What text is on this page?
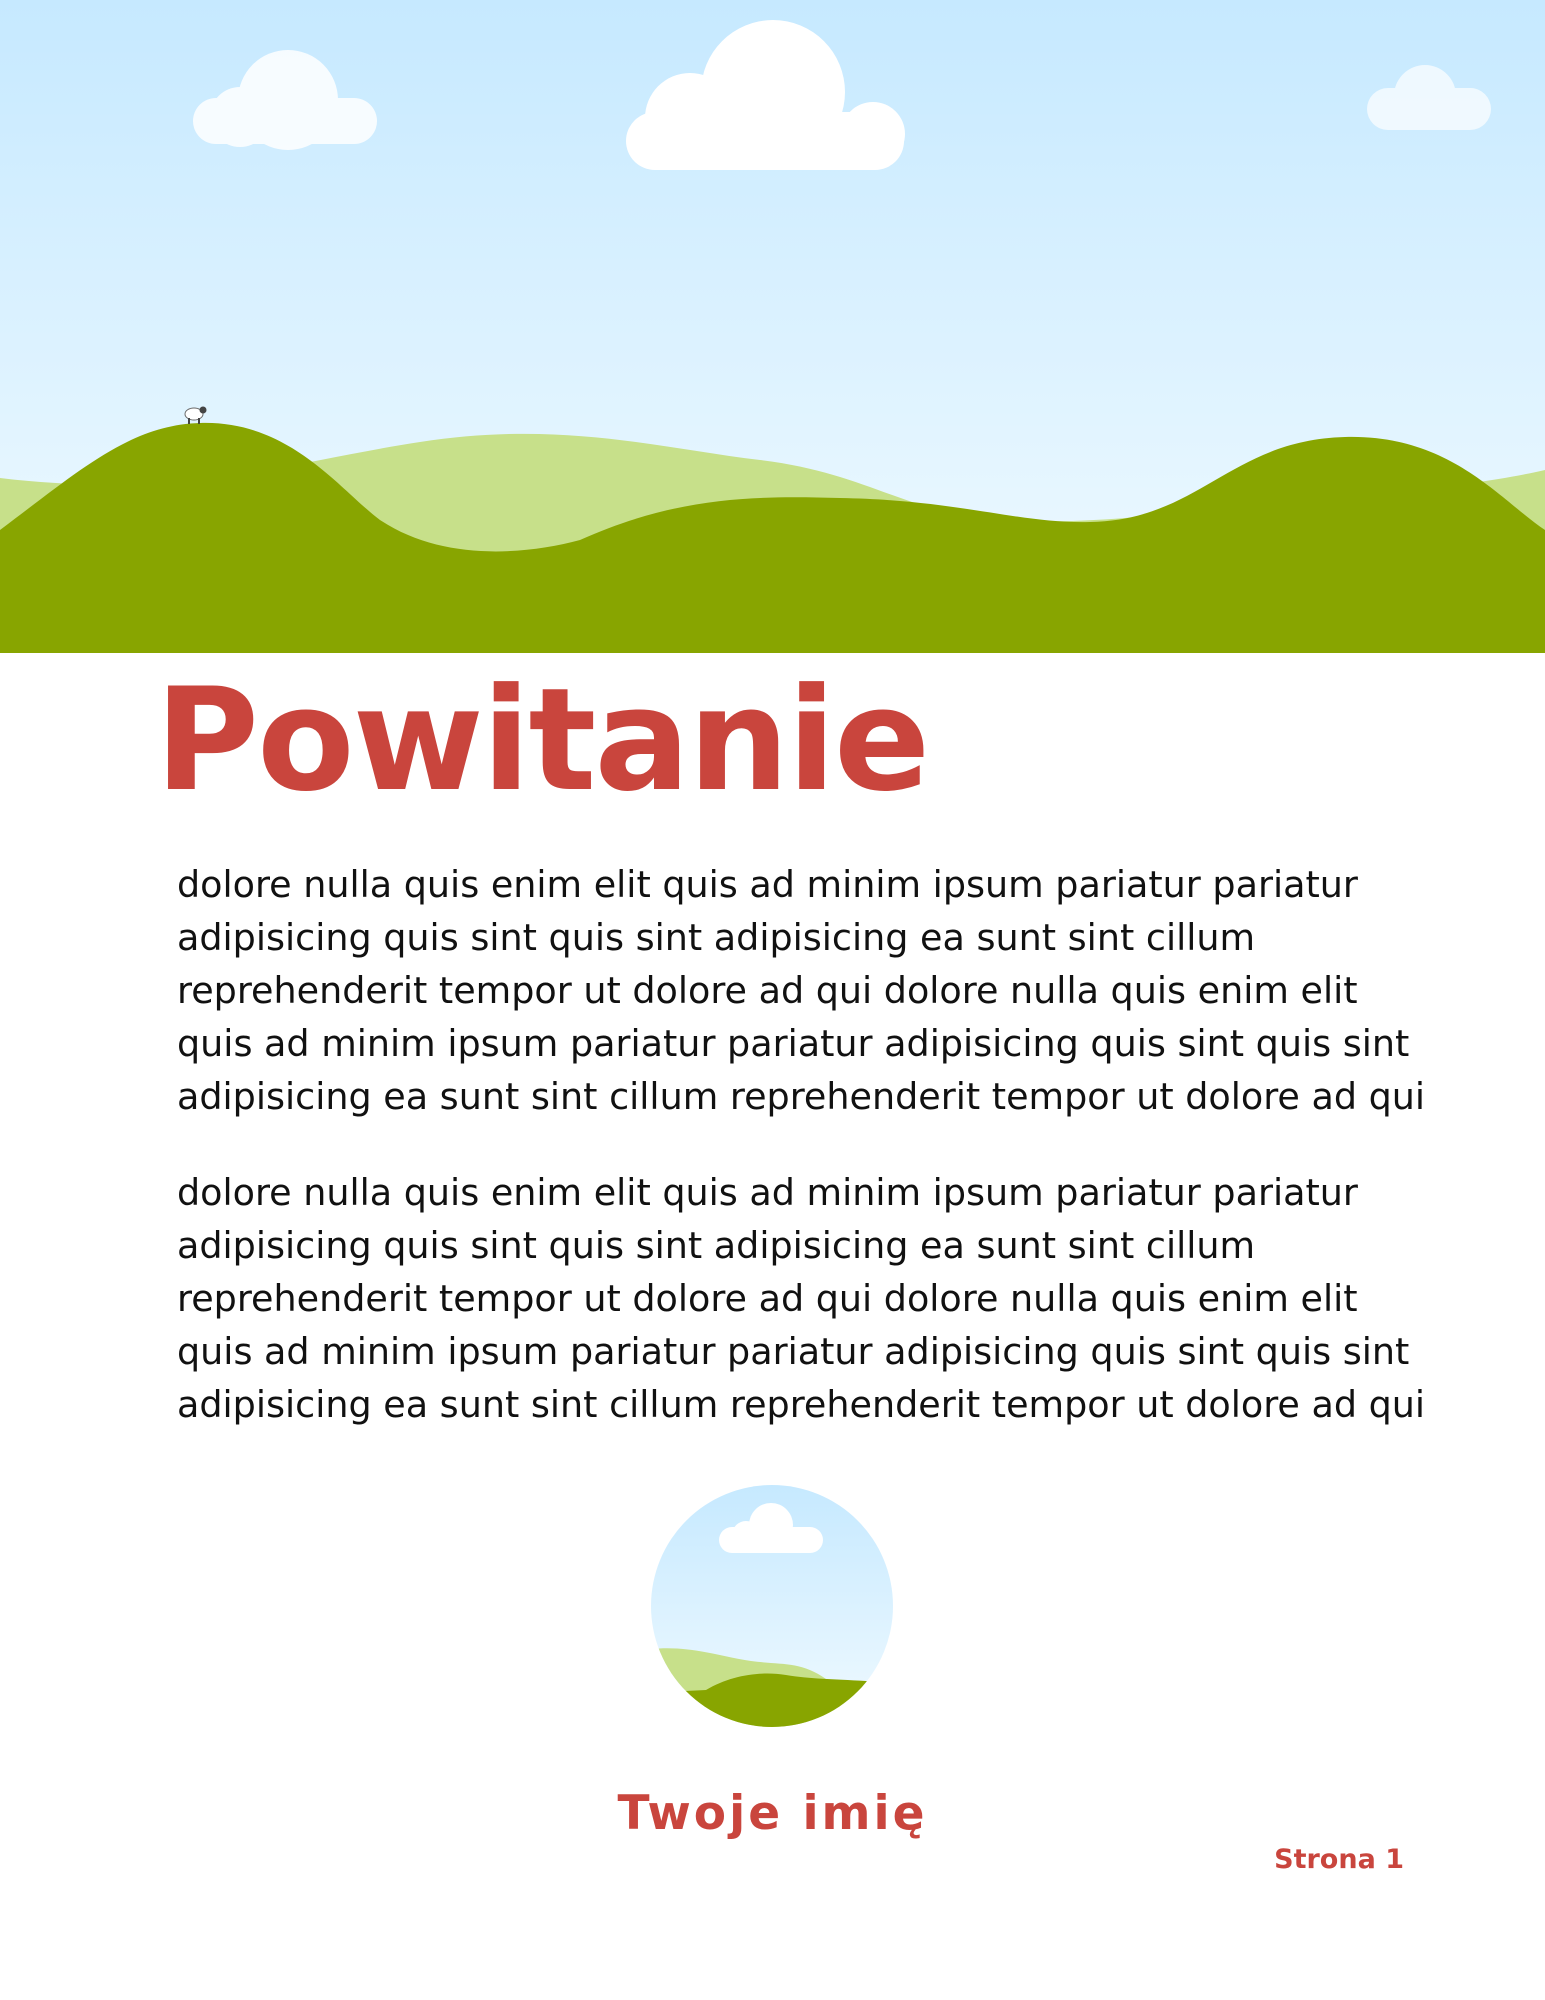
Powitanie
dolore nulla quis enim elit quis ad minim ipsum pariatur pariatur
adipisicing quis sint quis sint adipisicing ea sunt sint cillum
reprehenderit tempor ut dolore ad qui dolore nulla quis enim elit
quis ad minim ipsum pariatur pariatur adipisicing quis sint quis sint
adipisicing ea sunt sint cillum reprehenderit tempor ut dolore ad qui
dolore nulla quis enim elit quis ad minim ipsum pariatur pariatur
adipisicing quis sint quis sint adipisicing ea sunt sint cillum
reprehenderit tempor ut dolore ad qui dolore nulla quis enim elit
quis ad minim ipsum pariatur pariatur adipisicing quis sint quis sint
adipisicing ea sunt sint cillum reprehenderit tempor ut dolore ad qui

Twoje imię

Strona 1
